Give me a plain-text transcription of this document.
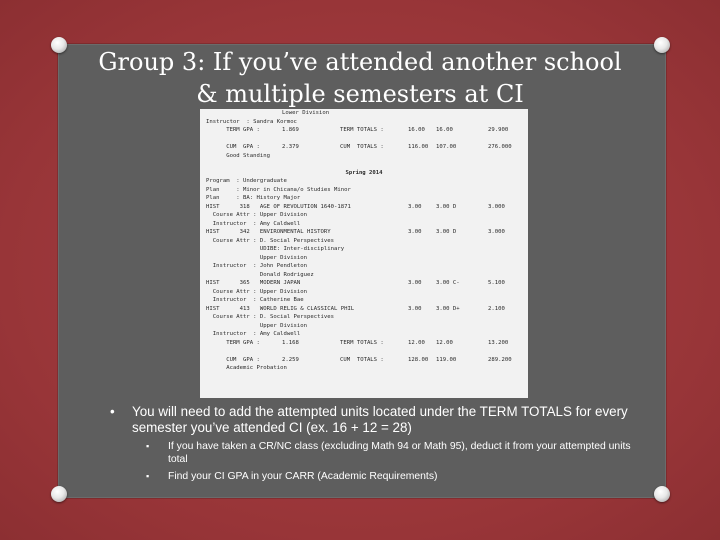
Group 3: If you’ve attended another school
& multiple semesters at CI
Lower Division
Instructor  : Sandra Kormoc
TERM GPA :	1.869	TERM TOTALS :	16.00 16.00	29.900
CUM  GPA :	2.379	CUM  TOTALS :	116.00 107.00	276.000
Good Standing
Spring 2014
Program  : Undergraduate
Plan     : Minor in Chicana/o Studies Minor
Plan     : BA: History Major
HIST      318   AGE OF REVOLUTION 1640-1871	3.00	3.00 D	3.000
Course Attr : Upper Division
Instructor  : Amy Caldwell
HIST      342   ENVIRONMENTAL HISTORY	3.00	3.00 D	3.000
Course Attr : D. Social Perspectives
UDIBE: Inter-disciplinary
Upper Division
Instructor  : John Pendleton
Donald Rodriguez
HIST      365   MODERN JAPAN	3.00	3.00 C-	5.100
Course Attr : Upper Division
Instructor  : Catherine Bae
HIST      413   WORLD RELIG & CLASSICAL PHIL	3.00	3.00 D+	2.100
Course Attr : D. Social Perspectives
Upper Division
Instructor  : Amy Caldwell
TERM GPA :	1.168	TERM TOTALS :	12.00 12.00	13.200
CUM  GPA :	2.259	CUM  TOTALS :	128.00 119.00	289.200
Academic Probation
• You will need to add the attempted units located under the TERM TOTALS for every semester you’ve attended CI (ex. 16 + 12 = 28)
▪ If you have taken a CR/NC class (excluding Math 94 or Math 95), deduct it from your attempted units total
▪ Find your CI GPA in your CARR (Academic Requirements)
